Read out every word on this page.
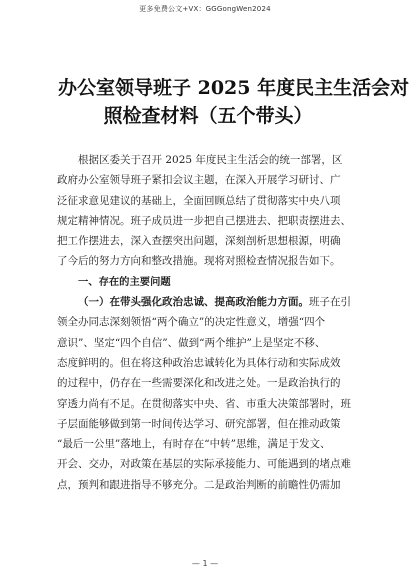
更多免费公文+VX：GGGongWen2024
办公室领导班子 2025 年度民主生活会对
照检查材料（五个带头）
根据区委关于召开 2025 年度民主生活会的统一部署，区
政府办公室领导班子紧扣会议主题，在深入开展学习研讨、广
泛征求意见建议的基础上，全面回顾总结了贯彻落实中央八项
规定精神情况。班子成员进一步把自己摆进去、把职责摆进去、
把工作摆进去，深入查摆突出问题，深刻剖析思想根源，明确
了今后的努力方向和整改措施。现将对照检查情况报告如下。
一、存在的主要问题
（一）在带头强化政治忠诚、提高政治能力方面。班子在引
领全办同志深刻领悟“两个确立”的决定性意义，增强“四个
意识”、坚定“四个自信”、做到“两个维护”上是坚定不移、
态度鲜明的。但在将这种政治忠诚转化为具体行动和实际成效
的过程中，仍存在一些需要深化和改进之处。一是政治执行的
穿透力尚有不足。在贯彻落实中央、省、市重大决策部署时，班
子层面能够做到第一时间传达学习、研究部署，但在推动政策
“最后一公里”落地上，有时存在“中转”思维，满足于发文、
开会、交办，对政策在基层的实际承接能力、可能遇到的堵点难
点，预判和跟进指导不够充分。二是政治判断的前瞻性仍需加
— 1 —
